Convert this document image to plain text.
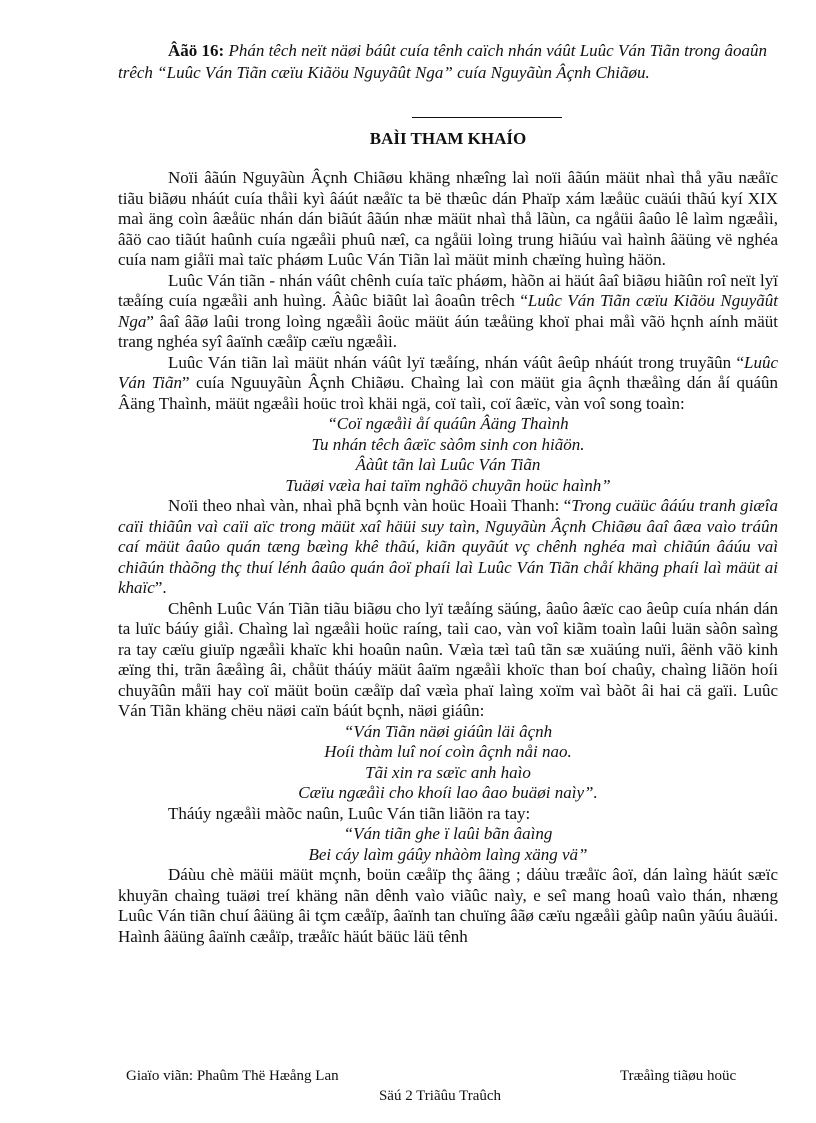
Âãö 16: Phán têch neït näøi báût cuía tênh caïch nhán váût Luûc Ván Tiãn trong âoaûn trêch “Luûc Ván Tiãn cæïu Kiãöu Nguyãût Nga” cuía Nguyãùn Âçnh Chiãøu.
BAÌI THAM KHAÍO

Noïi âãún Nguyãùn Âçnh Chiãøu khäng nhæîng laì noïi âãún mäüt nhaì thå yãu næåïc tiãu biãøu nháút cuía thåìi kyì âáút næåïc ta bë thæûc dán Phaïp xám læåüc cuäúi thãú kyí XIX maì äng coìn âæåüc nhán dán biãút âãún nhæ mäüt nhaì thå lãùn, ca ngåüi âaûo lê laìm ngæåìi, âãö cao tiãút haûnh cuía ngæåìi phuû næî, ca ngåüi loìng trung hiãúu vaì haình âäüng vë nghéa cuía nam giåïi maì taïc pháøm Luûc Ván Tiãn laì mäüt minh chæïng huìng häön.

Luûc Ván tiãn - nhán váût chênh cuía taïc pháøm, hàõn ai häút âaî biãøu hiãûn roî neït lyï tæåíng cuía ngæåìi anh huìng. Âàûc biãût laì âoaûn trêch “Luûc Ván Tiãn cæïu Kiãöu Nguyãût Nga” âaî âãø laûi trong loìng ngæåìi âoüc mäüt áún tæåüng khoï phai måì vãö hçnh aính mäüt trang nghéa syî âaïnh cæåïp cæïu ngæåìi.

Luûc Ván tiãn laì mäüt nhán váût lyï tæåíng, nhán váût âeûp nháút trong truyãûn “Luûc Ván Tiãn” cuía Nguuyãùn Âçnh Chiãøu. Chaìng laì con mäüt gia âçnh thæåìng dán åí quáûn Âäng Thaình, mäüt ngæåìi hoüc troì khäi ngä, coï taìi, coï âæïc, vàn voî song toaìn:

“Coï ngæåìi åí quáûn Âäng Thaình
Tu nhán têch âæïc sàôm sinh con hiãön.
Âàût tãn laì Luûc Ván Tiãn
Tuäøi væìa hai taïm nghãö chuyãn hoüc haình”

Noïi theo nhaì vàn, nhaì phã bçnh vàn hoüc Hoaìi Thanh: “Trong cuäüc âáúu tranh giæîa caïi thiãûn vaì caïi aïc trong mäüt xaî häüi suy taìn, Nguyãùn Âçnh Chiãøu âaî âæa vaìo tráûn caí mäüt âaûo quán tæng bæìng khê thãú, kiãn quyãút vç chênh nghéa maì chiãún âáúu vaì chiãún thàõng thç thuí lénh âaûo quán âoï phaíi laì Luûc Ván Tiãn chåí khäng phaíi laì mäüt ai khaïc”.

Chênh Luûc Ván Tiãn tiãu biãøu cho lyï tæåíng säúng, âaûo âæïc cao âeûp cuía nhán dán ta luïc báúy giåì. Chaìng laì ngæåìi hoüc raíng, taìi cao, vàn voî kiãm toaìn laûi luän sàôn saìng ra tay cæïu giuïp ngæåìi khaïc khi hoaûn naûn. Væìa tæì taû tãn sæ xuäúng nuïi, âënh vãö kinh æïng thi, trãn âæåìng âi, chåüt tháúy mäüt âaïm ngæåìi khoïc than boí chaûy, chaìng liãön hoíi chuyãûn måïi hay coï mäüt boün cæåïp daî væìa phaï laìng xoïm vaì bàõt âi hai cä gaïi. Luûc Ván Tiãn khäng chëu näøi caïn báút bçnh, näøi giáûn:

“Ván Tiãn näøi giáûn läi âçnh
Hoíi thàm luî noí coìn âçnh nåi nao.
Tãi xin ra sæïc anh haìo
Cæïu ngæåìi cho khoíi lao âao buäøi naìy”.

Tháúy ngæåìi màõc naûn, Luûc Ván tiãn liãön ra tay:

“Ván tiãn ghe ï laûi bãn âaìng
Bei cáy laìm gáûy nhàòm laìng xäng vä”

Dáùu chè mäüi mäüt mçnh, boün cæåïp thç âäng ; dáùu træåïc âoï, dán laìng häút sæïc khuyãn chaìng tuäøi treí khäng nãn dênh vaìo viãûc naìy, e seî mang hoaû vaìo thán, nhæng Luûc Ván tiãn chuí âäüng âi tçm cæåïp, âaïnh tan chuïng âãø cæïu ngæåìi gàûp naûn yãúu âuäúi. Haình âäüng âaïnh cæåïp, træåïc häút bäüc läü tênh

Giaïo viãn: Phaûm Thë Hæång Lan	Træåìng tiãøu hoüc
Säú 2 Triãûu Traûch
